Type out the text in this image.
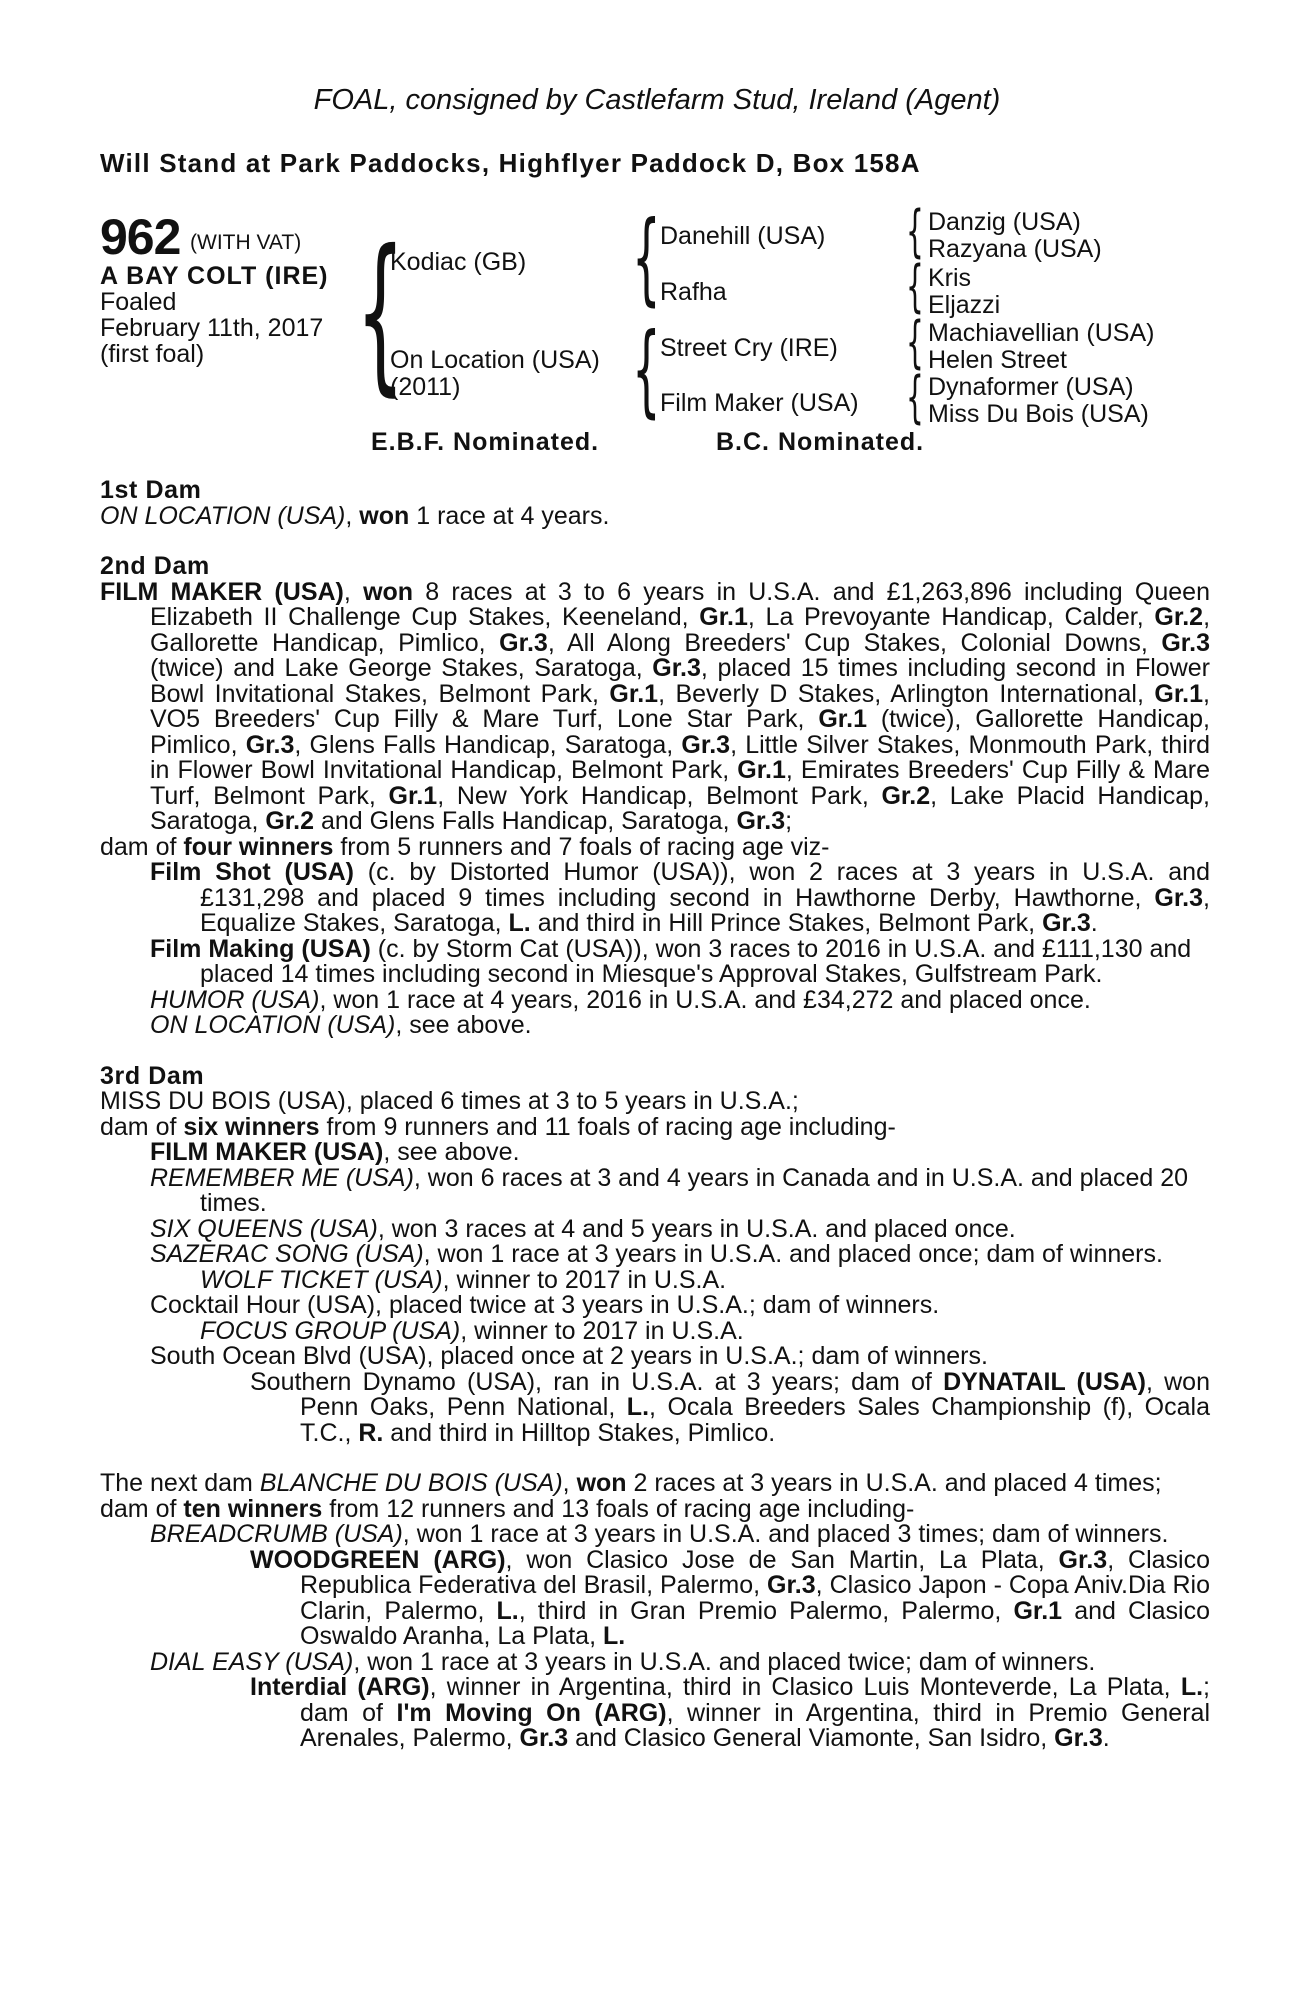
FOAL, consigned by Castlefarm Stud, Ireland (Agent)
Will Stand at Park Paddocks, Highflyer Paddock D, Box 158A
962 (WITH VAT)
A BAY COLT (IRE)
Foaled
February 11th, 2017
(first foal) {
Kodiac (GB)
On Location (USA)
(2011)
{ Danehill (USA)
Rafha
{ Street Cry (IRE)
Film Maker (USA)
{ Danzig (USA)
Razyana (USA)
{ Kris
Eljazzi
{ Machiavellian (USA)
Helen Street
{ Dynaformer (USA)
Miss Du Bois (USA)
E.B.F. Nominated.	B.C. Nominated.
1st Dam
ON LOCATION (USA), won 1 race at 4 years.
2nd Dam
FILM MAKER (USA), won 8 races at 3 to 6 years in U.S.A. and £1,263,896 including Queen Elizabeth II Challenge Cup Stakes, Keeneland, Gr.1, La Prevoyante Handicap, Calder, Gr.2, Gallorette Handicap, Pimlico, Gr.3, All Along Breeders' Cup Stakes, Colonial Downs, Gr.3 (twice) and Lake George Stakes, Saratoga, Gr.3, placed 15 times including second in Flower Bowl Invitational Stakes, Belmont Park, Gr.1, Beverly D Stakes, Arlington International, Gr.1, VO5 Breeders' Cup Filly & Mare Turf, Lone Star Park, Gr.1 (twice), Gallorette Handicap, Pimlico, Gr.3, Glens Falls Handicap, Saratoga, Gr.3, Little Silver Stakes, Monmouth Park, third in Flower Bowl Invitational Handicap, Belmont Park, Gr.1, Emirates Breeders' Cup Filly & Mare Turf, Belmont Park, Gr.1, New York Handicap, Belmont Park, Gr.2, Lake Placid Handicap, Saratoga, Gr.2 and Glens Falls Handicap, Saratoga, Gr.3;
dam of four winners from 5 runners and 7 foals of racing age viz-
Film Shot (USA) (c. by Distorted Humor (USA)), won 2 races at 3 years in U.S.A. and £131,298 and placed 9 times including second in Hawthorne Derby, Hawthorne, Gr.3, Equalize Stakes, Saratoga, L. and third in Hill Prince Stakes, Belmont Park, Gr.3.
Film Making (USA) (c. by Storm Cat (USA)), won 3 races to 2016 in U.S.A. and £111,130 and placed 14 times including second in Miesque's Approval Stakes, Gulfstream Park.
HUMOR (USA), won 1 race at 4 years, 2016 in U.S.A. and £34,272 and placed once.
ON LOCATION (USA), see above.
3rd Dam
MISS DU BOIS (USA), placed 6 times at 3 to 5 years in U.S.A.;
dam of six winners from 9 runners and 11 foals of racing age including-
FILM MAKER (USA), see above.
REMEMBER ME (USA), won 6 races at 3 and 4 years in Canada and in U.S.A. and placed 20 times.
SIX QUEENS (USA), won 3 races at 4 and 5 years in U.S.A. and placed once.
SAZERAC SONG (USA), won 1 race at 3 years in U.S.A. and placed once; dam of winners.
WOLF TICKET (USA), winner to 2017 in U.S.A.
Cocktail Hour (USA), placed twice at 3 years in U.S.A.; dam of winners.
FOCUS GROUP (USA), winner to 2017 in U.S.A.
South Ocean Blvd (USA), placed once at 2 years in U.S.A.; dam of winners.
Southern Dynamo (USA), ran in U.S.A. at 3 years; dam of DYNATAIL (USA), won Penn Oaks, Penn National, L., Ocala Breeders Sales Championship (f), Ocala T.C., R. and third in Hilltop Stakes, Pimlico.
The next dam BLANCHE DU BOIS (USA), won 2 races at 3 years in U.S.A. and placed 4 times;
dam of ten winners from 12 runners and 13 foals of racing age including-
BREADCRUMB (USA), won 1 race at 3 years in U.S.A. and placed 3 times; dam of winners.
WOODGREEN (ARG), won Clasico Jose de San Martin, La Plata, Gr.3, Clasico Republica Federativa del Brasil, Palermo, Gr.3, Clasico Japon - Copa Aniv.Dia Rio Clarin, Palermo, L., third in Gran Premio Palermo, Palermo, Gr.1 and Clasico Oswaldo Aranha, La Plata, L.
DIAL EASY (USA), won 1 race at 3 years in U.S.A. and placed twice; dam of winners.
Interdial (ARG), winner in Argentina, third in Clasico Luis Monteverde, La Plata, L.; dam of I'm Moving On (ARG), winner in Argentina, third in Premio General Arenales, Palermo, Gr.3 and Clasico General Viamonte, San Isidro, Gr.3.
